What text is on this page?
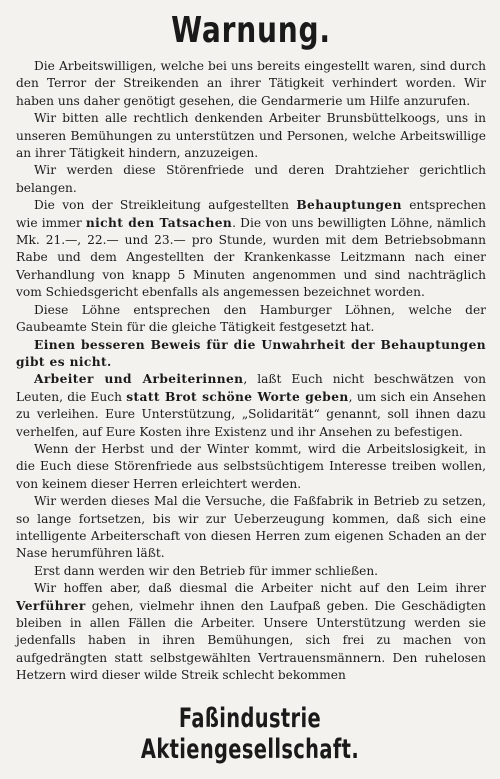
Warnung.

Die Arbeitswilligen, welche bei uns bereits eingestellt waren, sind durch den Terror der Streikenden an ihrer Tätigkeit verhindert worden. Wir haben uns daher genötigt gesehen, die Gendarmerie um Hilfe anzurufen.

Wir bitten alle rechtlich denkenden Arbeiter Brunsbüttelkoogs, uns in unseren Bemühungen zu unterstützen und Personen, welche Arbeitswillige an ihrer Tätigkeit hindern, anzuzeigen.

Wir werden diese Störenfriede und deren Drahtzieher gerichtlich belangen.

Die von der Streikleitung aufgestellten Behauptungen entsprechen wie immer nicht den Tatsachen. Die von uns bewilligten Löhne, nämlich Mk. 21.—, 22.— und 23.— pro Stunde, wurden mit dem Betriebsobmann Rabe und dem Angestellten der Krankenkasse Leitzmann nach einer Verhandlung von knapp 5 Minuten angenommen und sind nachträglich vom Schiedsgericht ebenfalls als angemessen bezeichnet worden.

Diese Löhne entsprechen den Hamburger Löhnen, welche der Gaubeamte Stein für die gleiche Tätigkeit festgesetzt hat.

Einen besseren Beweis für die Unwahrheit der Behauptungen gibt es nicht.

Arbeiter und Arbeiterinnen, laßt Euch nicht beschwätzen von Leuten, die Euch statt Brot schöne Worte geben, um sich ein Ansehen zu verleihen. Eure Unterstützung, „Solidarität“ genannt, soll ihnen dazu verhelfen, auf Eure Kosten ihre Existenz und ihr Ansehen zu befestigen.

Wenn der Herbst und der Winter kommt, wird die Arbeitslosigkeit, in die Euch diese Störenfriede aus selbstsüchtigem Interesse treiben wollen, von keinem dieser Herren erleichtert werden.

Wir werden dieses Mal die Versuche, die Faßfabrik in Betrieb zu setzen, so lange fortsetzen, bis wir zur Ueberzeugung kommen, daß sich eine intelligente Arbeiterschaft von diesen Herren zum eigenen Schaden an der Nase herumführen läßt.

Erst dann werden wir den Betrieb für immer schließen.

Wir hoffen aber, daß diesmal die Arbeiter nicht auf den Leim ihrer Verführer gehen, vielmehr ihnen den Laufpaß geben. Die Geschädigten bleiben in allen Fällen die Arbeiter. Unsere Unterstützung werden sie jedenfalls haben in ihren Bemühungen, sich frei zu machen von aufgedrängten statt selbstgewählten Vertrauensmännern. Den ruhelosen Hetzern wird dieser wilde Streik schlecht bekommen

Faßindustrie Aktiengesellschaft.
